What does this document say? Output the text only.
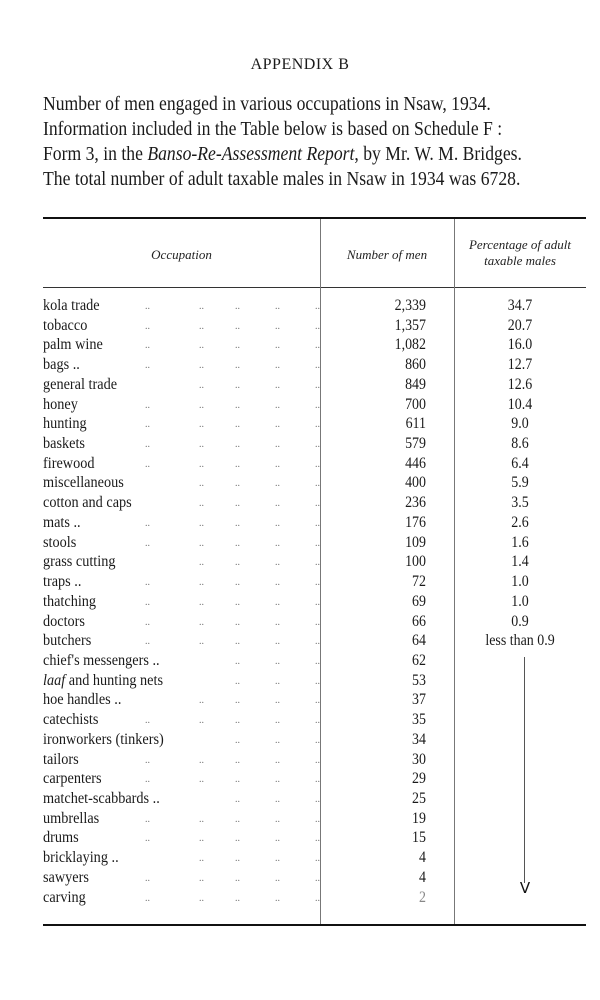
APPENDIX B

Number of men engaged in various occupations in Nsaw, 1934.

Information included in the Table below is based on Schedule F :

Form 3, in the Banso-Re-Assessment Report, by Mr. W. M. Bridges.

The total number of adult taxable males in Nsaw in 1934 was 6728.

Occupation	Number of men
Percentage of adult
taxable males
kola trade	..	..	..	..	..	2,339	34.7
tobacco	..	..	..	..	..	1,357	20.7
palm wine	..	..	..	..	..	1,082	16.0
bags ..	..	..	..	..	..	860	12.7
general trade	..	..	..	..	849	12.6
honey	..	..	..	..	..	700	10.4
hunting	..	..	..	..	..	611	9.0
baskets	..	..	..	..	..	579	8.6
firewood	..	..	..	..	..	446	6.4
miscellaneous	..	..	..	..	400	5.9
cotton and caps	..	..	..	..	236	3.5
mats ..	..	..	..	..	..	176	2.6
stools	..	..	..	..	..	109	1.6
grass cutting	..	..	..	..	100	1.4
traps ..	..	..	..	..	..	72	1.0
thatching	..	..	..	..	..	69	1.0
doctors	..	..	..	..	..	66	0.9
butchers	..	..	..	..	..	64	less than 0.9
chief's messengers ..	..	..	..	62
laaf and hunting nets	..	..	..	53
hoe handles ..	..	..	..	..	37
catechists	..	..	..	..	..	35
ironworkers (tinkers)	..	..	..	34
tailors	..	..	..	..	..	30
carpenters	..	..	..	..	..	29
matchet-scabbards ..	..	..	..	25
umbrellas	..	..	..	..	..	19
drums	..	..	..	..	..	15
bricklaying ..	..	..	..	..	4
sawyers	..	..	..	..	..	4
carving	..	..	..	..	..	2
V
